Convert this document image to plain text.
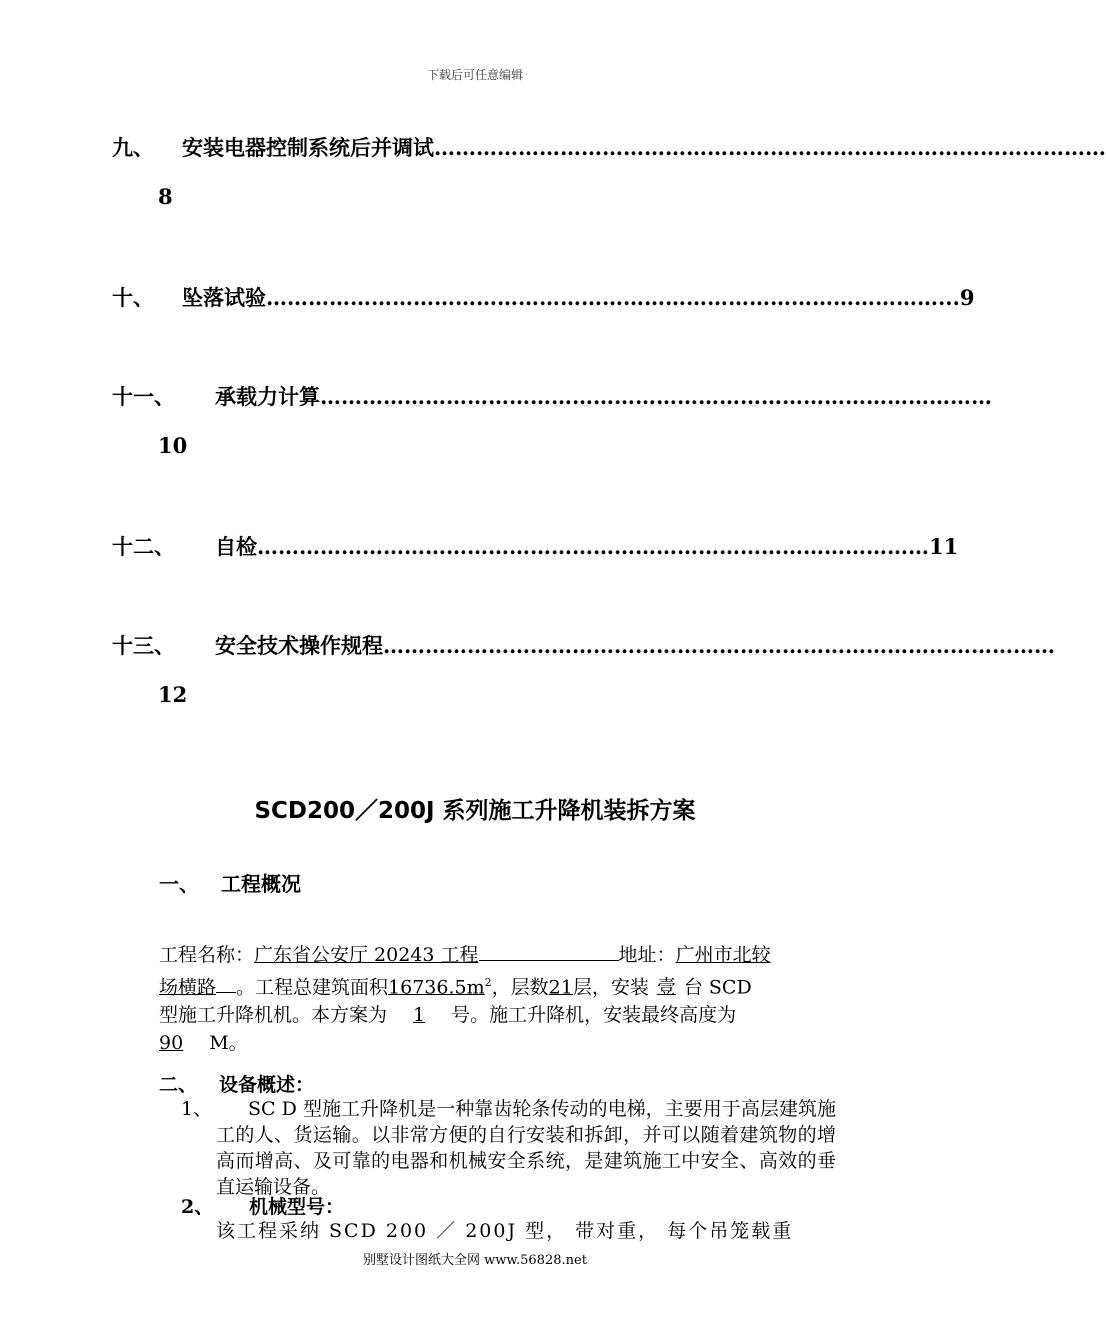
下载后可任意编辑
九、	安装电器控制系统后并调试 ……………………………………………………………………………………
8
十、	坠落试验 …………………………………………………………………………………… ...9
十一、	承载力计算 ……………………………………………………………………………………
10
十二、	自检 …………………………………………………………………………………… 11
十三、	安全技术操作规程 ……………………………………………………………………………………
12
SCD200／200J 系列施工升降机装拆方案
一、 工程概况
工程名称：广东省公安厅 20243 工程	地址：广州市北较
场横路 。工程总建筑面积$16736.5m^2$，层数21层，安装 壹 台 SCD
型施工升降机机。本方案为 1 号。施工升降机，安装最终高度为
90 M。
二、 设备概述：
1、	SC D 型施工升降机是一种靠齿轮条传动的电梯，主要用于高层建筑施工的人、货运输。以非常方便的自行安装和拆卸，并可以随着建筑物的增高而增高、及可靠的电器和机械安全系统，是建筑施工中安全、高效的垂直运输设备。
2、 机械型号：
该工程采纳 SCD 200 ／ 200J 型， 带对重， 每个吊笼载重
别墅设计图纸大全网 www.56828.net
